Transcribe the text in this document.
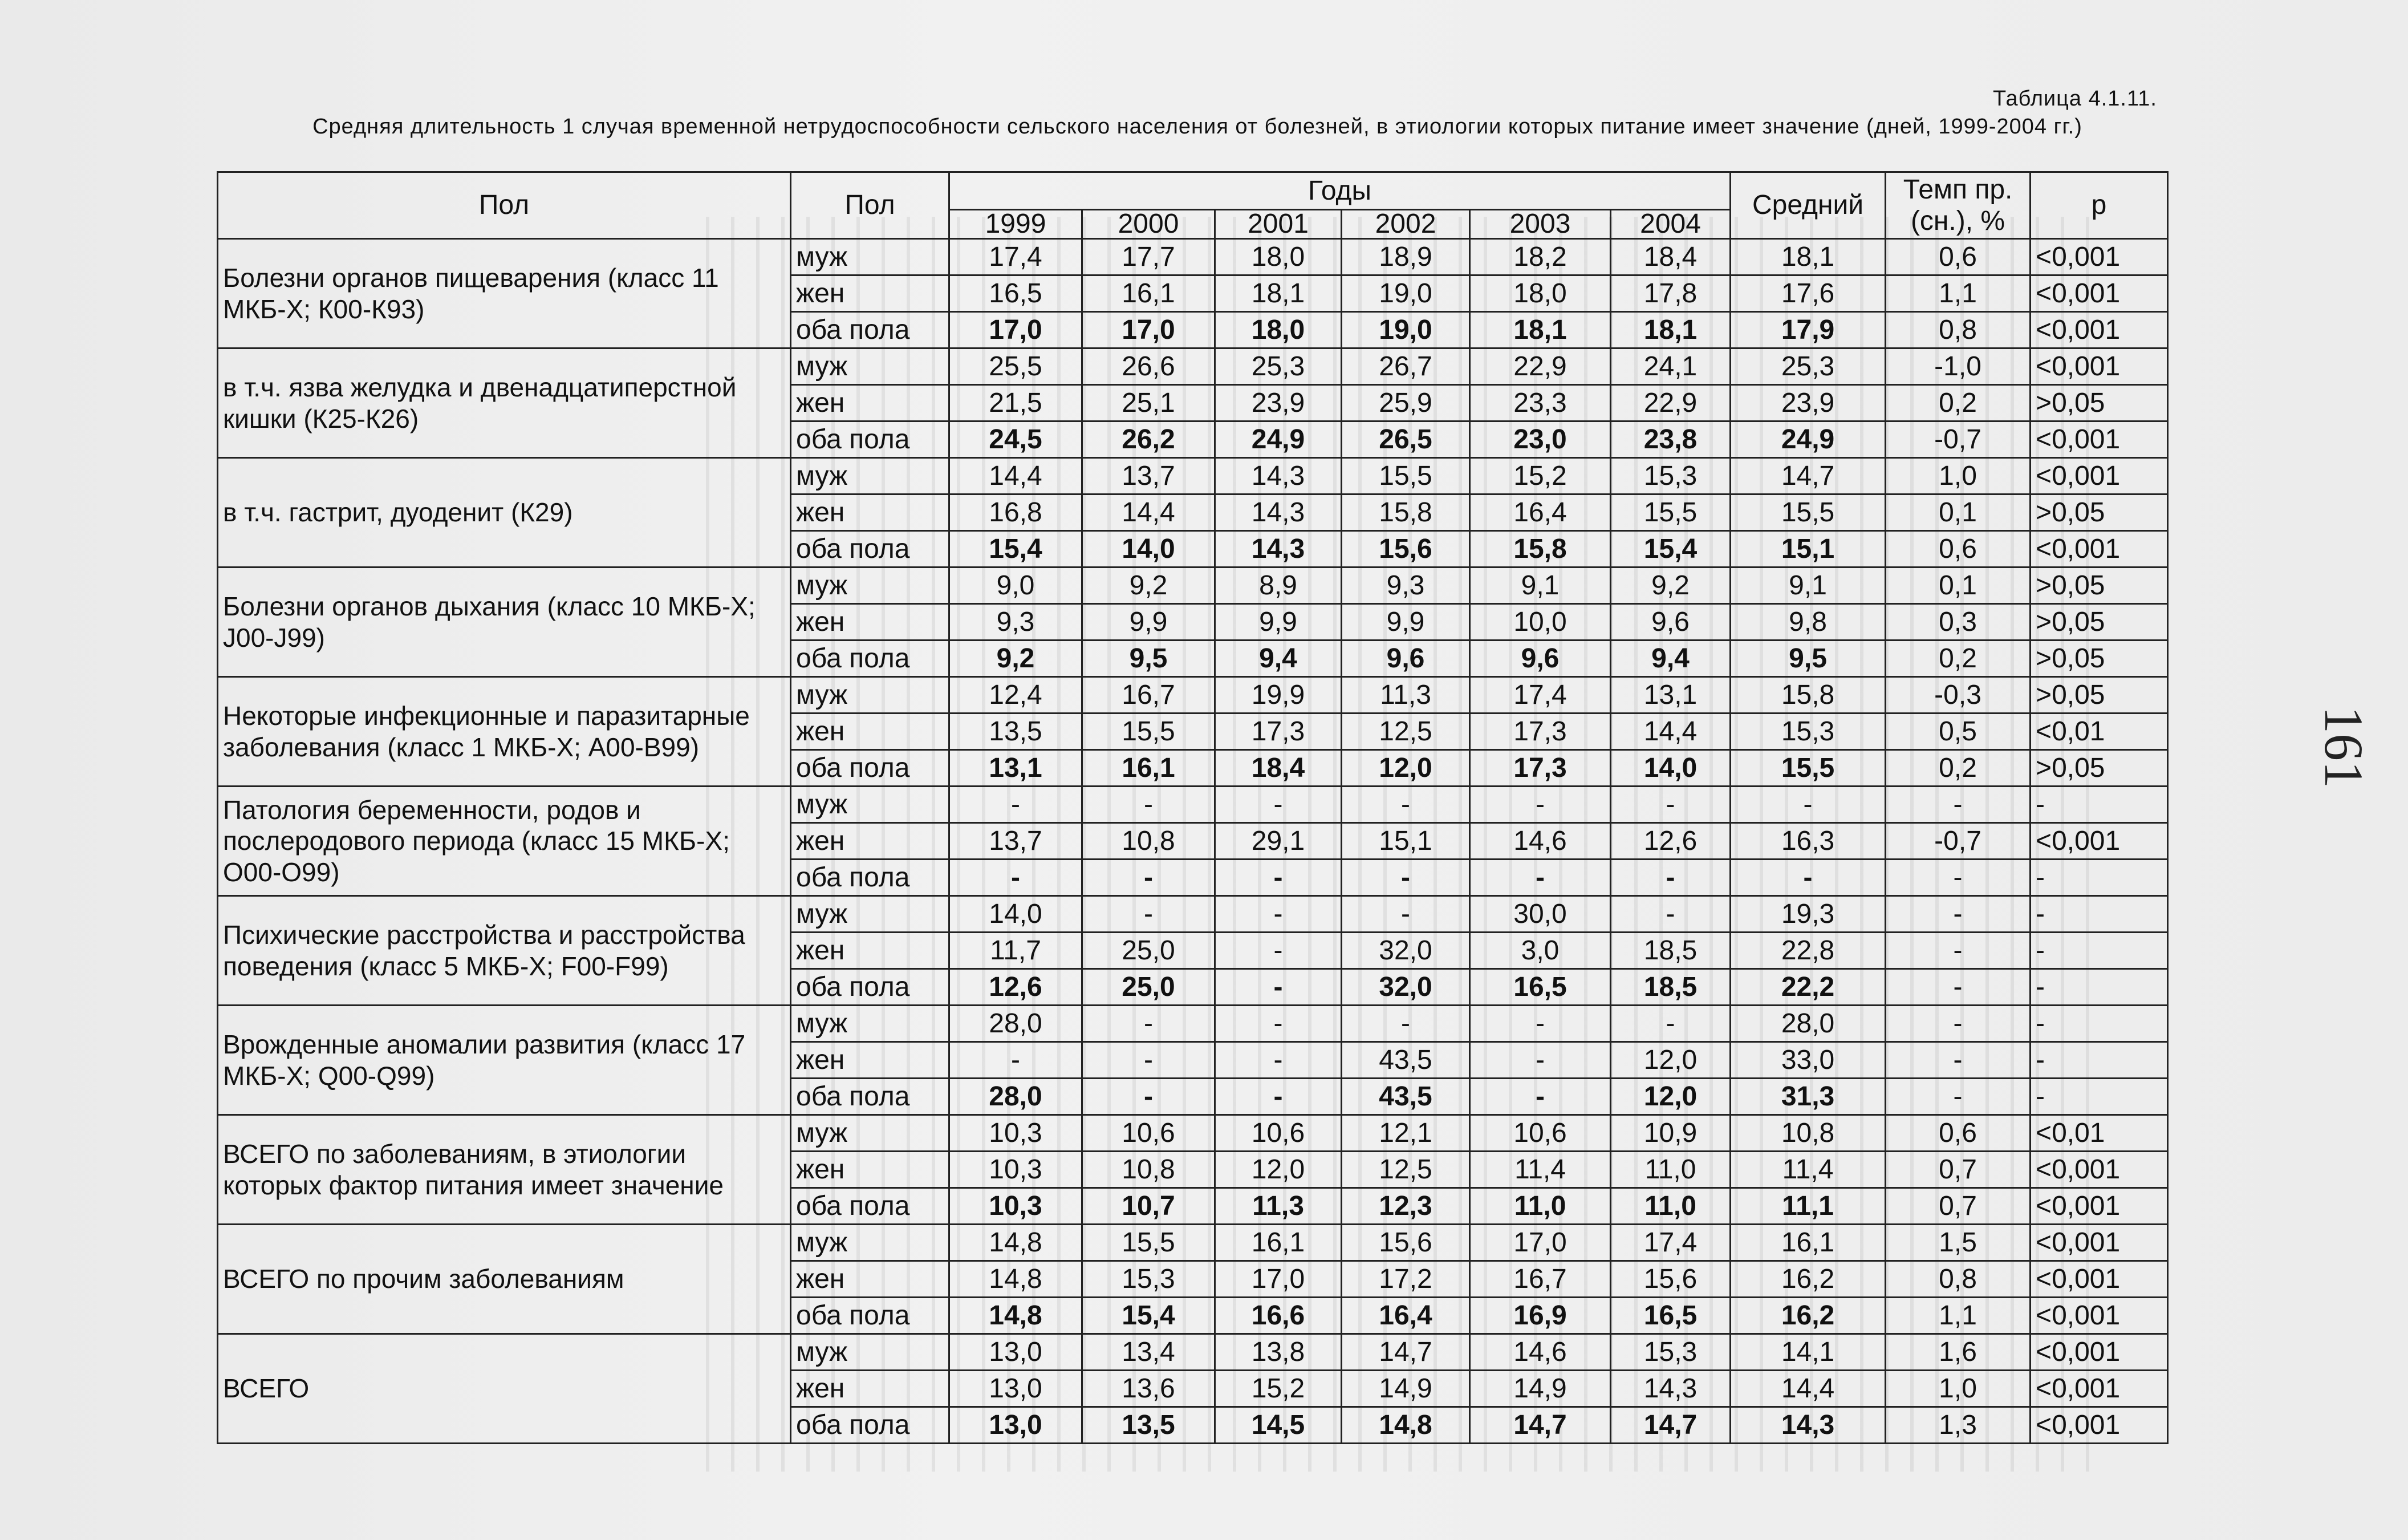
161
Таблица 4.1.11.
Средняя длительность 1 случая временной нетрудоспособности сельского населения от болезней, в этиологии которых питание имеет значение (дней, 1999-2004 гг.)
Пол	Пол	Годы						Средний	Темп пр. (сн.), %	p
		1999	2000	2001	2002	2003	2004			
Болезни органов пищеварения (класс 11 МКБ-Х; К00-К93)	муж	17,4	17,7	18,0	18,9	18,2	18,4	18,1	0,6	<0,001
	жен	16,5	16,1	18,1	19,0	18,0	17,8	17,6	1,1	<0,001
	оба пола	17,0	17,0	18,0	19,0	18,1	18,1	17,9	0,8	<0,001
в т.ч. язва желудка и двенадцатиперстной кишки (К25-К26)	муж	25,5	26,6	25,3	26,7	22,9	24,1	25,3	-1,0	<0,001
	жен	21,5	25,1	23,9	25,9	23,3	22,9	23,9	0,2	>0,05
	оба пола	24,5	26,2	24,9	26,5	23,0	23,8	24,9	-0,7	<0,001
в т.ч. гастрит, дуоденит (К29)	муж	14,4	13,7	14,3	15,5	15,2	15,3	14,7	1,0	<0,001
	жен	16,8	14,4	14,3	15,8	16,4	15,5	15,5	0,1	>0,05
	оба пола	15,4	14,0	14,3	15,6	15,8	15,4	15,1	0,6	<0,001
Болезни органов дыхания (класс 10 МКБ-Х; J00-J99)	муж	9,0	9,2	8,9	9,3	9,1	9,2	9,1	0,1	>0,05
	жен	9,3	9,9	9,9	9,9	10,0	9,6	9,8	0,3	>0,05
	оба пола	9,2	9,5	9,4	9,6	9,6	9,4	9,5	0,2	>0,05
Некоторые инфекционные и паразитарные заболевания (класс 1 МКБ-Х; А00-В99)	муж	12,4	16,7	19,9	11,3	17,4	13,1	15,8	-0,3	>0,05
	жен	13,5	15,5	17,3	12,5	17,3	14,4	15,3	0,5	<0,01
	оба пола	13,1	16,1	18,4	12,0	17,3	14,0	15,5	0,2	>0,05
Патология беременности, родов и послеродового периода (класс 15 МКБ-Х; О00-О99)	муж	-	-	-	-	-	-	-	-	-
	жен	13,7	10,8	29,1	15,1	14,6	12,6	16,3	-0,7	<0,001
	оба пола	-	-	-	-	-	-	-	-	-
Психические расстройства и расстройства поведения (класс 5 МКБ-Х; F00-F99)	муж	14,0	-	-	-	30,0	-	19,3	-	-
	жен	11,7	25,0	-	32,0	3,0	18,5	22,8	-	-
	оба пола	12,6	25,0	-	32,0	16,5	18,5	22,2	-	-
Врожденные аномалии развития (класс 17 МКБ-Х; Q00-Q99)	муж	28,0	-	-	-	-	-	28,0	-	-
	жен	-	-	-	43,5	-	12,0	33,0	-	-
	оба пола	28,0	-	-	43,5	-	12,0	31,3	-	-
ВСЕГО по заболеваниям, в этиологии которых фактор питания имеет значение	муж	10,3	10,6	10,6	12,1	10,6	10,9	10,8	0,6	<0,01
	жен	10,3	10,8	12,0	12,5	11,4	11,0	11,4	0,7	<0,001
	оба пола	10,3	10,7	11,3	12,3	11,0	11,0	11,1	0,7	<0,001
ВСЕГО по прочим заболеваниям	муж	14,8	15,5	16,1	15,6	17,0	17,4	16,1	1,5	<0,001
	жен	14,8	15,3	17,0	17,2	16,7	15,6	16,2	0,8	<0,001
	оба пола	14,8	15,4	16,6	16,4	16,9	16,5	16,2	1,1	<0,001
ВСЕГО	муж	13,0	13,4	13,8	14,7	14,6	15,3	14,1	1,6	<0,001
	жен	13,0	13,6	15,2	14,9	14,9	14,3	14,4	1,0	<0,001
	оба пола	13,0	13,5	14,5	14,8	14,7	14,7	14,3	1,3	<0,001
